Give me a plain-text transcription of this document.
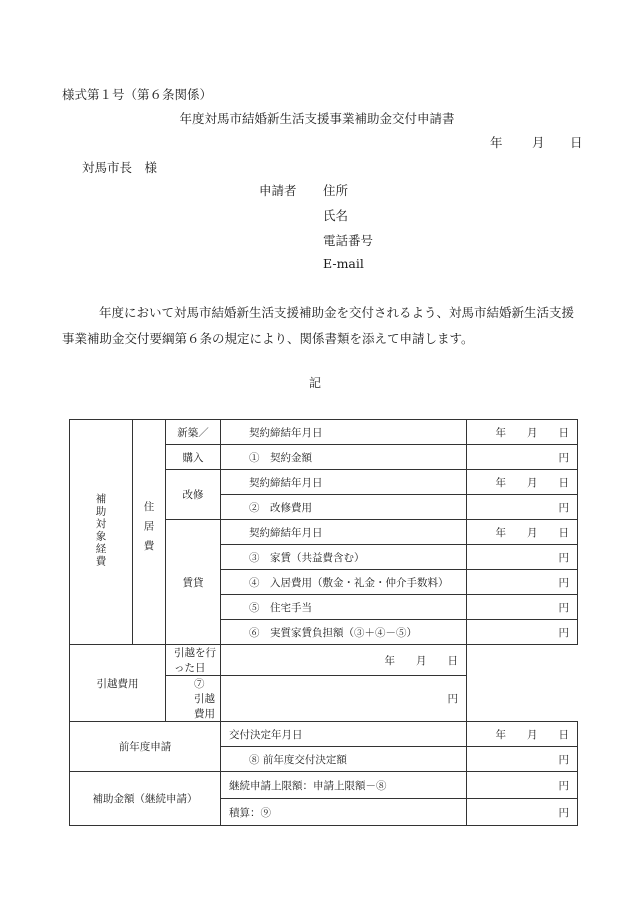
様式第１号（第６条関係）
年度対馬市結婚新生活支援事業補助金交付申請書
年 月 日
対馬市長　様
申請者 住所
氏名
電話番号
E-mail
年度において対馬市結婚新生活支援補助金を交付されるよう、対馬市結婚新生活支援事業補助金交付要綱第６条の規定により、関係書類を添えて申請します。
記
補助対象経費	住居費	新築／	契約締結年月日	年　　月　　日
		購入	①　契約金額	円
		改修	契約締結年月日	年　　月　　日
			②　改修費用	円
		賃貸	契約締結年月日	年　　月　　日
			③　家賃（共益費含む）	円
			④　入居費用（敷金・礼金・仲介手数料）	円
			⑤　住宅手当	円
			⑥　実質家賃負担額（③＋④－⑤）	円
引越費用		引越を行った日	年　　月　　日	
		⑦　引越費用	円	
前年度申請			交付決定年月日	年　　月　　日
			⑧ 前年度交付決定額	円
補助金額（継続申請）			継続申請上限額：申請上限額－⑧	円
			積算：⑨	円
